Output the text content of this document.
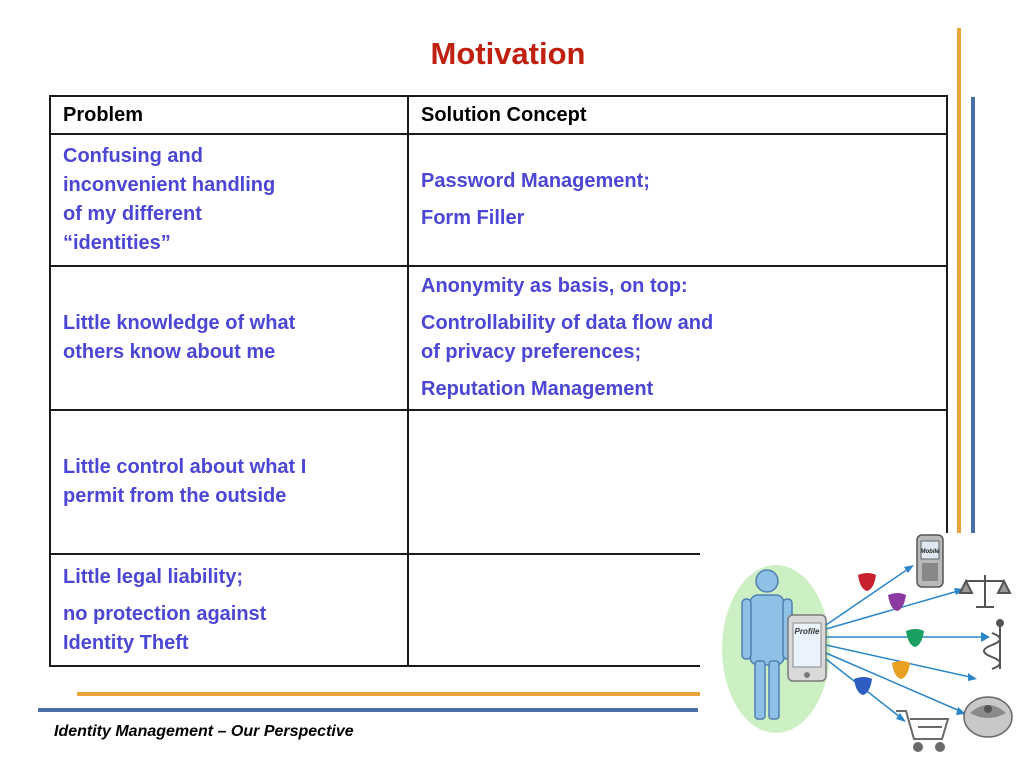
Motivation
Problem	Solution Concept

Confusing and
inconvenient handling
of my different
“identities”	Password Management;
Form Filler

Little knowledge of what
others know about me	Anonymity as basis, on top:
Controllability of data flow and
of privacy preferences;
Reputation Management

Little control about what I
permit from the outside	

Little legal liability;
no protection against
Identity Theft	

Identity Management – Our Perspective
Profile
Mobile
